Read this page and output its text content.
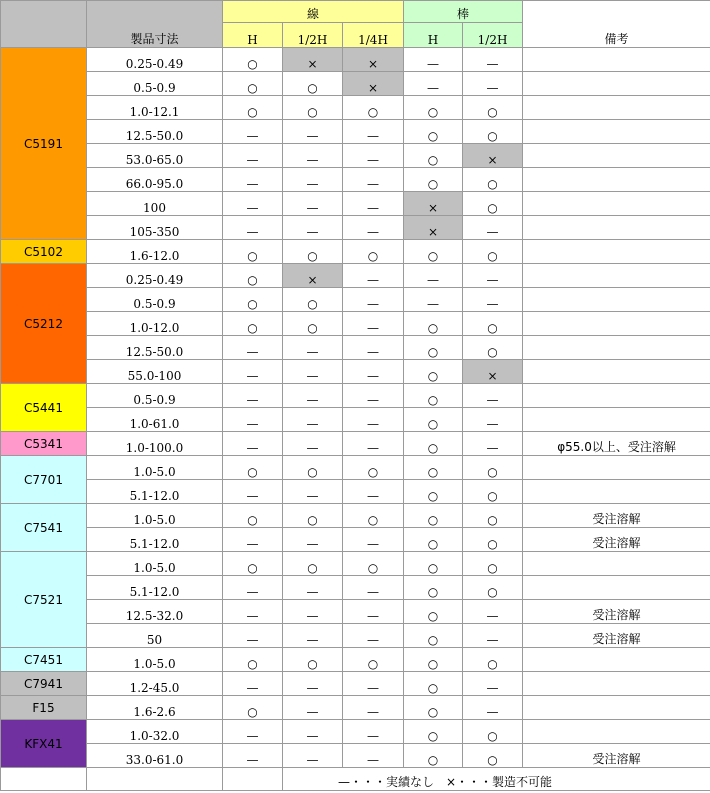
	製品寸法	線			棒		備考
		H	1/2H	1/4H	H	1/2H	
C5191	0.25-0.49	○	×	×	—	—	
	0.5-0.9	○	○	×	—	—	
	1.0-12.1	○	○	○	○	○	
	12.5-50.0	—	—	—	○	○	
	53.0-65.0	—	—	—	○	×	
	66.0-95.0	—	—	—	○	○	
	100	—	—	—	×	○	
	105-350	—	—	—	×	—	
C5102	1.6-12.0	○	○	○	○	○	
C5212	0.25-0.49	○	×	—	—	—	
	0.5-0.9	○	○	—	—	—	
	1.0-12.0	○	○	—	○	○	
	12.5-50.0	—	—	—	○	○	
	55.0-100	—	—	—	○	×	
C5441	0.5-0.9	—	—	—	○	—	
	1.0-61.0	—	—	—	○	—	
C5341	1.0-100.0	—	—	—	○	—	φ55.0以上、受注溶解
C7701	1.0-5.0	○	○	○	○	○	
	5.1-12.0	—	—	—	○	○	
C7541	1.0-5.0	○	○	○	○	○	受注溶解
	5.1-12.0	—	—	—	○	○	受注溶解
C7521	1.0-5.0	○	○	○	○	○	
	5.1-12.0	—	—	—	○	○	
	12.5-32.0	—	—	—	○	—	受注溶解
	50	—	—	—	○	—	受注溶解
C7451	1.0-5.0	○	○	○	○	○	
C7941	1.2-45.0	—	—	—	○	—	
F15	1.6-2.6	○	—	—	○	—	
KFX41	1.0-32.0	—	—	—	○	○	
	33.0-61.0	—	—	—	○	○	受注溶解
			—・・・実績なし　×・・・製造不可能				
